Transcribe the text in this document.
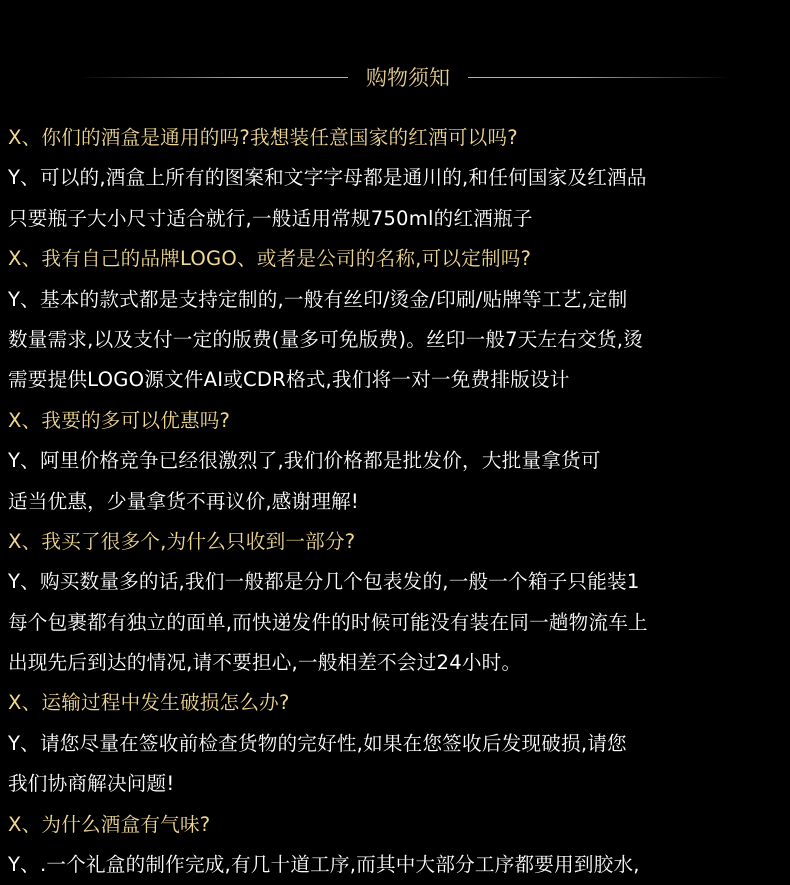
购物须知
X、你们的酒盒是通用的吗?我想装任意国家的红酒可以吗?
Y、可以的,酒盒上所有的图案和文字字母都是通川的,和任何国家及红酒品
只要瓶子大小尺寸适合就行,一般适用常规750ml的红酒瓶子
X、我有自己的品牌LOGO、或者是公司的名称,可以定制吗?
Y、基本的款式都是支持定制的,一般有丝印/烫金/印刷/贴牌等工艺,定制
数量需求,以及支付一定的版费(量多可免版费)。丝印一般7天左右交货,烫
需要提供LOGO源文件AI或CDR格式,我们将一对一免费排版设计
X、我要的多可以优惠吗?
Y、阿里价格竞争已经很激烈了,我们价格都是批发价，大批量拿货可
适当优惠，少量拿货不再议价,感谢理解!
X、我买了很多个,为什么只收到一部分?
Y、购买数量多的话,我们一般都是分几个包表发的,一般一个箱子只能装1
每个包裹都有独立的面单,而快递发件的时候可能没有装在同一趟物流车上
出现先后到达的情况,请不要担心,一般相差不会过24小时。
X、运输过程中发生破损怎么办?
Y、请您尽量在签收前检查货物的完好性,如果在您签收后发现破损,请您
我们协商解决问题!
X、为什么酒盒有气味?
Y、.一个礼盒的制作完成,有几十道工序,而其中大部分工序都要用到胶水,
